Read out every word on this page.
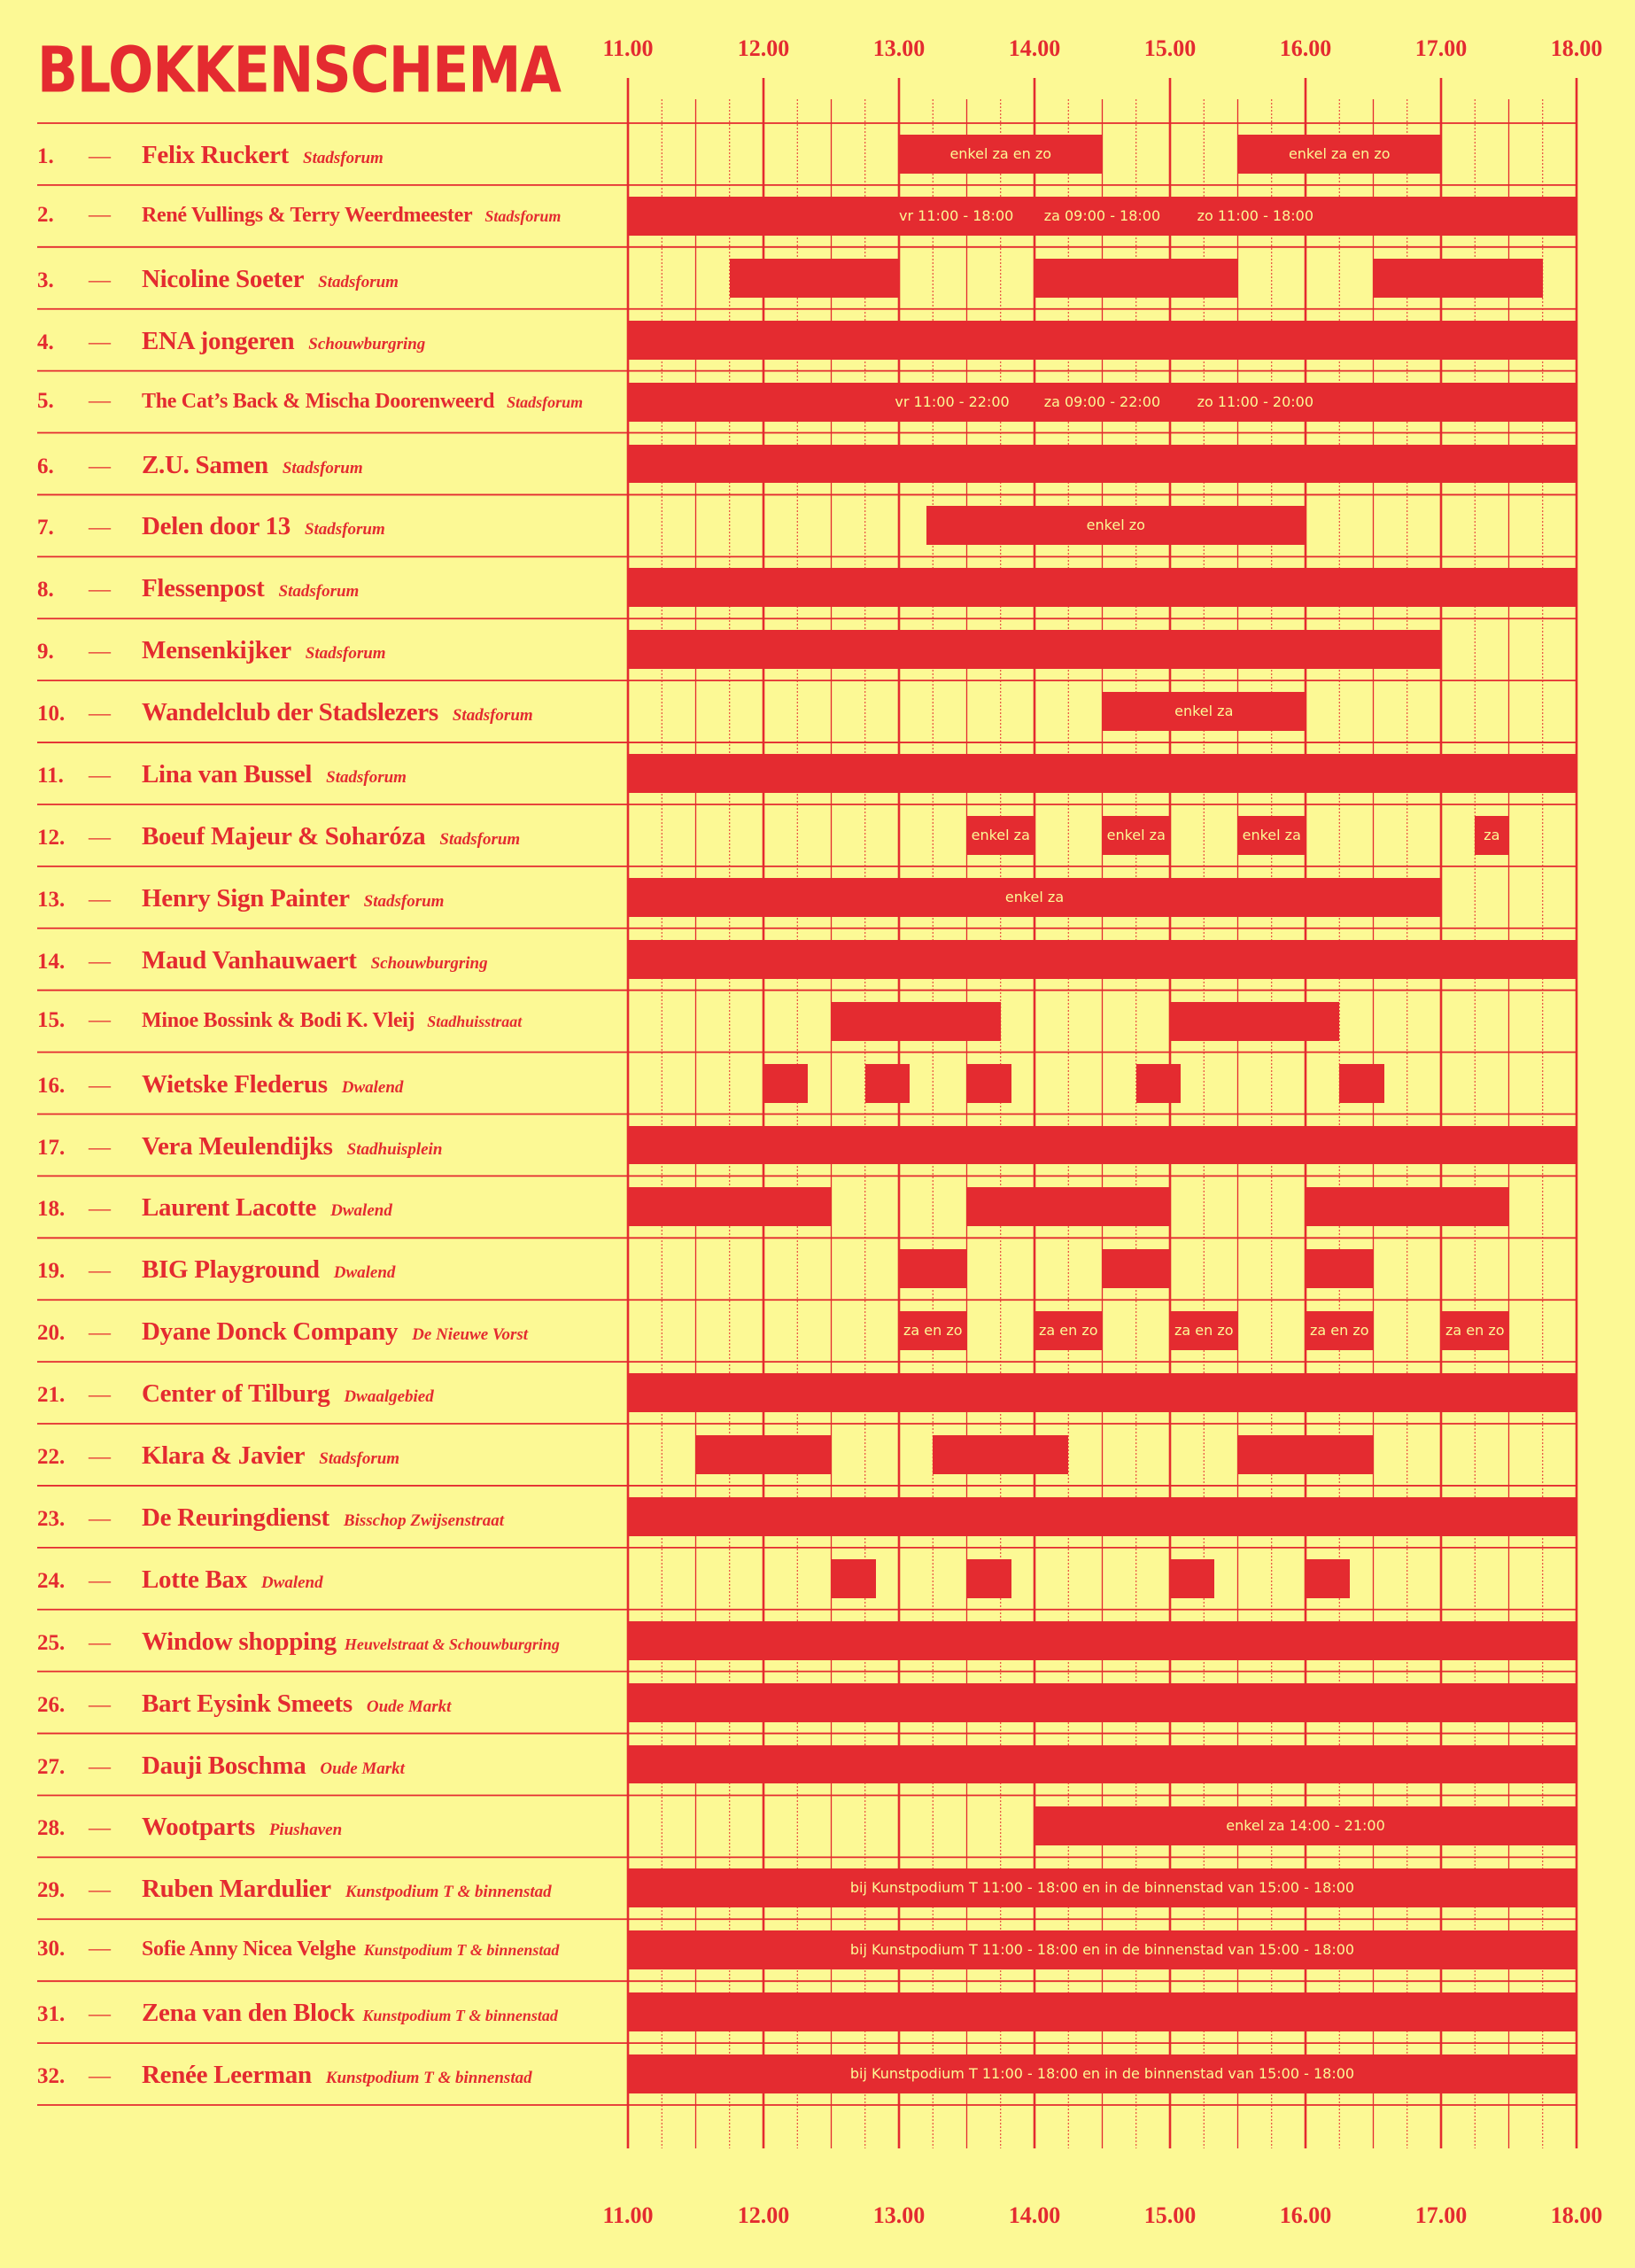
BLOKKENSCHEMA	11.00	12.00	13.00	14.00	15.00	16.00	17.00	18.00
11.00	12.00	13.00	14.00	15.00	16.00	17.00	18.00
1.	—	Felix Ruckert Stadsforum	enkel za en zo	enkel za en zo
2.	—	René Vullings & Terry Weerdmeester Stadsforum	vr 11:00 - 18:00 za 09:00 - 18:00	zo 11:00 - 18:00
3.	—	Nicoline Soeter Stadsforum
4.	—	ENA jongeren Schouwburgring
5.	—	The Cat’s Back & Mischa Doorenweerd Stadsforum	vr 11:00 - 22:00 za 09:00 - 22:00	zo 11:00 - 20:00
6.	—	Z.U. Samen Stadsforum
7.	—	Delen door 13 Stadsforum	enkel zo
8.	—	Flessenpost Stadsforum
9.	—	Mensenkijker Stadsforum
10.	—	Wandelclub der Stadslezers Stadsforum	enkel za
11.	—	Lina van Bussel Stadsforum
12.	—	Boeuf Majeur & Soharóza Stadsforum	enkel za	enkel za	enkel za	za
13.	—	Henry Sign Painter Stadsforum	enkel za
14.	—	Maud Vanhauwaert Schouwburgring
15.	—	Minoe Bossink & Bodi K. Vleij Stadhuisstraat
16.	—	Wietske Flederus Dwalend
17.	—	Vera Meulendijks Stadhuisplein
18.	—	Laurent Lacotte Dwalend
19.	—	BIG Playground Dwalend
20.	—	Dyane Donck Company De Nieuwe Vorst	za en zo	za en zo	za en zo	za en zo	za en zo
21.	—	Center of Tilburg Dwaalgebied
22.	—	Klara & Javier Stadsforum
23.	—	De Reuringdienst Bisschop Zwijsenstraat
24.	—	Lotte Bax Dwalend
25.	—	Window shopping Heuvelstraat & Schouwburgring
26.	—	Bart Eysink Smeets Oude Markt
27.	—	Dauji Boschma Oude Markt
28.	—	Wootparts Piushaven	enkel za 14:00 - 21:00
29.	—	Ruben Mardulier Kunstpodium T & binnenstad	bij Kunstpodium T 11:00 - 18:00 en in de binnenstad van 15:00 - 18:00
30.	—	Sofie Anny Nicea Velghe Kunstpodium T & binnenstad	bij Kunstpodium T 11:00 - 18:00 en in de binnenstad van 15:00 - 18:00
31.	—	Zena van den Block Kunstpodium T & binnenstad
32.	—	Renée Leerman Kunstpodium T & binnenstad	bij Kunstpodium T 11:00 - 18:00 en in de binnenstad van 15:00 - 18:00
